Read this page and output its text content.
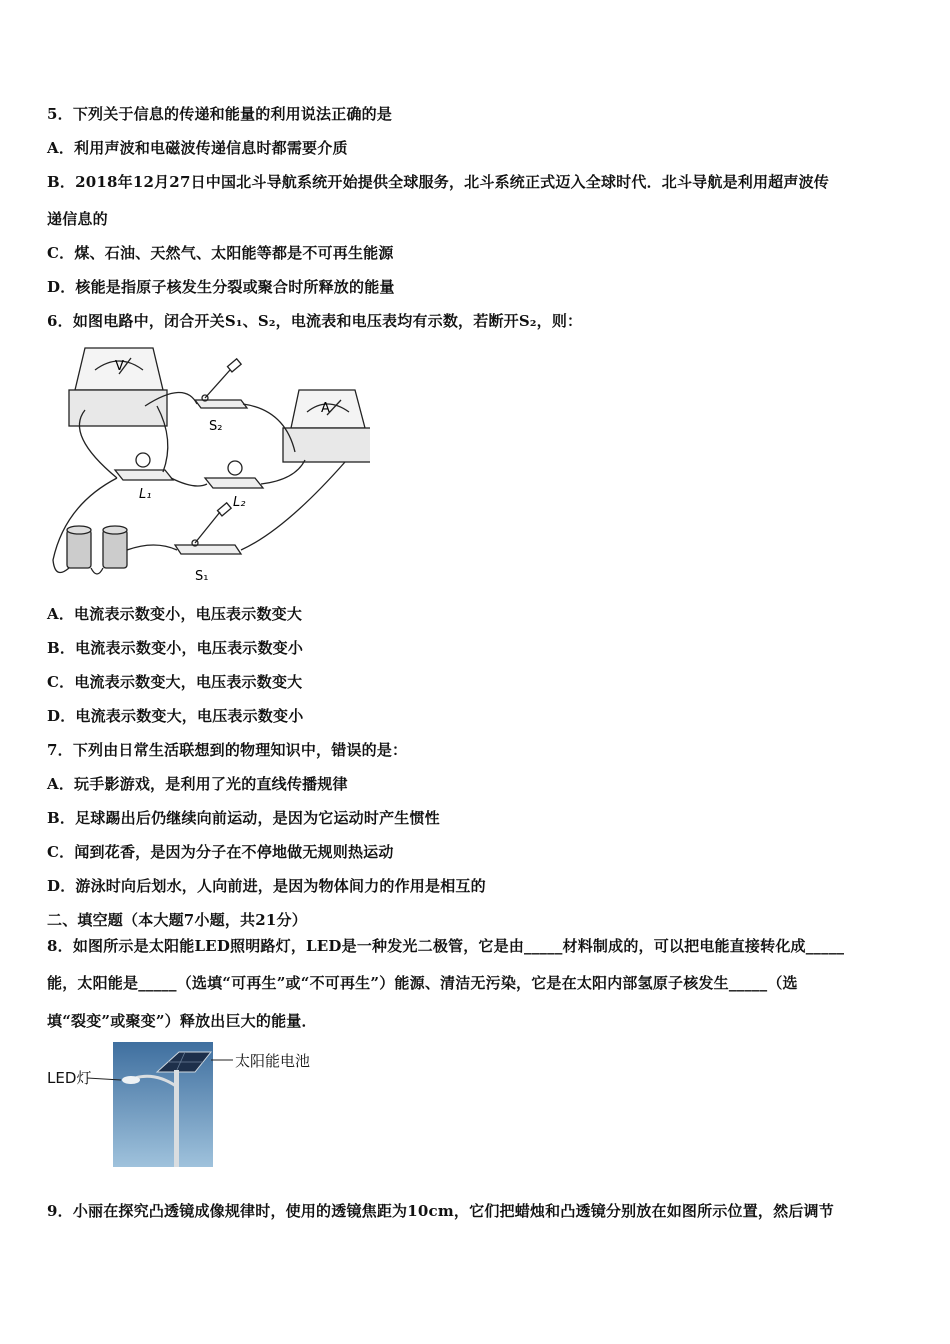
5．下列关于信息的传递和能量的利用说法正确的是
A．利用声波和电磁波传递信息时都需要介质
B．2018年12月27日中国北斗导航系统开始提供全球服务，北斗系统正式迈入全球时代．北斗导航是利用超声波传
递信息的
C．煤、石油、天然气、太阳能等都是不可再生能源
D．核能是指原子核发生分裂或聚合时所释放的能量
6．如图电路中，闭合开关S₁、S₂，电流表和电压表均有示数，若断开S₂，则：
V
A
S₂
L₁
L₂
S₁
A．电流表示数变小，电压表示数变大
B．电流表示数变小，电压表示数变小
C．电流表示数变大，电压表示数变大
D．电流表示数变大，电压表示数变小
7．下列由日常生活联想到的物理知识中，错误的是：
A．玩手影游戏，是利用了光的直线传播规律
B．足球踢出后仍继续向前运动，是因为它运动时产生惯性
C．闻到花香，是因为分子在不停地做无规则热运动
D．游泳时向后划水，人向前进，是因为物体间力的作用是相互的
二、填空题（本大题7小题，共21分）
8．如图所示是太阳能LED照明路灯，LED是一种发光二极管，它是由_____材料制成的，可以把电能直接转化成_____
能，太阳能是_____（选填“可再生”或“不可再生”）能源、清洁无污染，它是在太阳内部氢原子核发生_____（选
填“裂变”或聚变”）释放出巨大的能量．
LED灯
太阳能电池
9．小丽在探究凸透镜成像规律时，使用的透镜焦距为10cm，它们把蜡烛和凸透镜分别放在如图所示位置，然后调节
